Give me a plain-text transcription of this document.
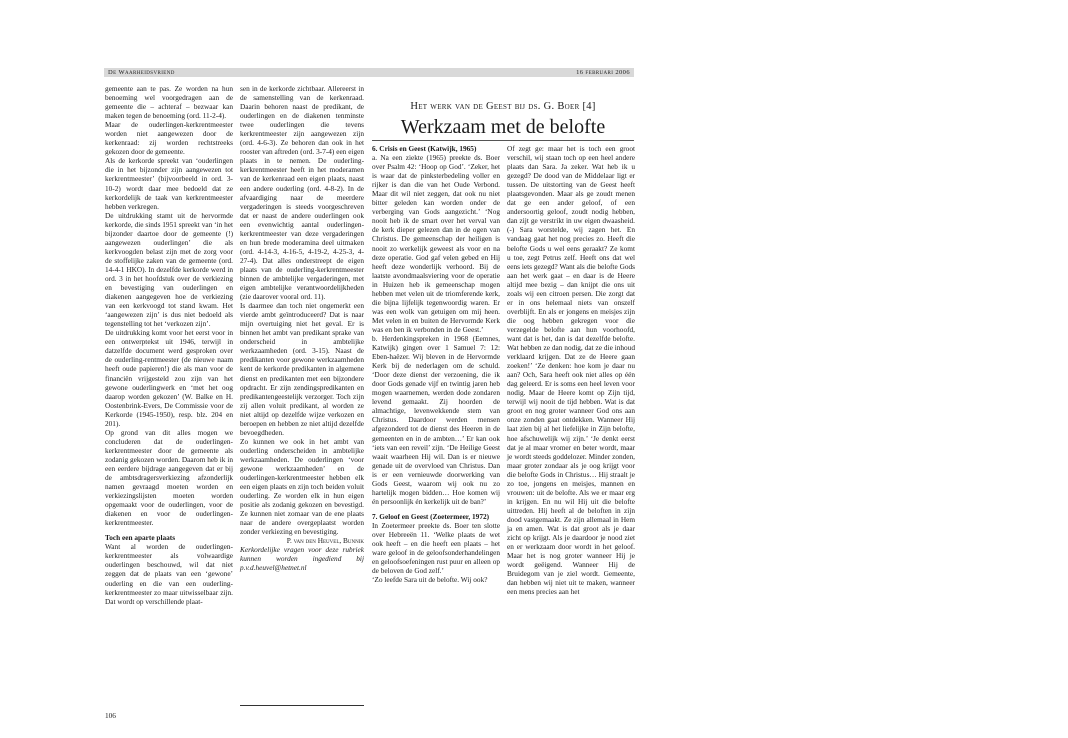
De Waarheidsvriend	16 februari 2006

gemeente aan te pas. Ze worden na hun benoeming wel voorgedragen aan de gemeente die – achteraf – bezwaar kan maken tegen de benoeming (ord. 11-2-4).

Maar de ouderlingen-kerkrentmeester worden niet aangewezen door de kerkenraad: zij worden rechtstreeks gekozen door de gemeente.

Als de kerkorde spreekt van ‘ouderlingen die in het bijzonder zijn aangewezen tot kerkrentmeester’ (bijvoorbeeld in ord. 3-10-2) wordt daar mee bedoeld dat ze kerkordelijk de taak van kerkrentmeester hebben verkregen.

De uitdrukking stamt uit de hervormde kerkorde, die sinds 1951 spreekt van ‘in het bijzonder daartoe door de gemeente (!) aangewezen ouderlingen’ die als kerkvoogden belast zijn met de zorg voor de stoffelijke zaken van de gemeente (ord. 14-4-1 HKO). In dezelfde kerkorde werd in ord. 3 in het hoofdstuk over de verkiezing en bevestiging van ouderlingen en diakenen aangegeven hoe de verkiezing van een kerkvoogd tot stand kwam. Het ‘aangewezen zijn’ is dus niet bedoeld als tegenstelling tot het ‘verkozen zijn’.

De uitdrukking komt voor het eerst voor in een ontwerptekst uit 1946, terwijl in datzelfde document werd gesproken over de ouderling-rentmeester (de nieuwe naam heeft oude papieren!) die als man voor de financiën vrijgesteld zou zijn van het gewone ouderlingwerk en ‘met het oog daarop worden gekozen’ (W. Balke en H. Oostenbrink-Evers, De Commissie voor de Kerkorde (1945-1950), resp. blz. 204 en 201).

Op grond van dit alles mogen we concluderen dat de ouderlingen-kerkrentmeester door de gemeente als zodanig gekozen worden. Daarom heb ik in een eerdere bijdrage aangegeven dat er bij de ambtsdragersverkiezing afzonderlijk namen gevraagd moeten worden en verkiezingslijsten moeten worden opgemaakt voor de ouderlingen, voor de diakenen en voor de ouderlingen-kerkrentmeester.

Toch een aparte plaats

Want al worden de ouderlingen-kerkrentmeester als volwaardige ouderlingen beschouwd, wil dat niet zeggen dat de plaats van een ‘gewone’ ouderling en die van een ouderling-kerkrentmeester zo maar uitwisselbaar zijn. Dat wordt op verschillende plaat-

sen in de kerkorde zichtbaar. Allereerst in de samenstelling van de kerkenraad. Daarin behoren naast de predikant, de ouderlingen en de diakenen tenminste twee ouderlingen die tevens kerkrentmeester zijn aangewezen zijn (ord. 4-6-3). Ze behoren dan ook in het rooster van aftreden (ord. 3-7-4) een eigen plaats in te nemen. De ouderling-kerkrentmeester heeft in het moderamen van de kerkenraad een eigen plaats, naast een andere ouderling (ord. 4-8-2). In de afvaardiging naar de meerdere vergaderingen is steeds voorgeschreven dat er naast de andere ouderlingen ook een evenwichtig aantal ouderlingen-kerkrentmeester van deze vergaderingen en hun brede moderamina deel uitmaken (ord. 4-14-3, 4-16-5, 4-19-2, 4-25-3, 4-27-4). Dat alles onderstreept de eigen plaats van de ouderling-kerkrentmeester binnen de ambtelijke vergaderingen, met eigen ambtelijke verantwoordelijkheden (zie daarover vooral ord. 11).

Is daarmee dan toch niet ongemerkt een vierde ambt geïntroduceerd? Dat is naar mijn overtuiging niet het geval. Er is binnen het ambt van predikant sprake van onderscheid in ambtelijke werkzaamheden (ord. 3-15). Naast de predikanten voor gewone werkzaamheden kent de kerkorde predikanten in algemene dienst en predikanten met een bijzondere opdracht. Er zijn zendingspredikanten en predikantengeestelijk verzorger. Toch zijn zij allen voluit predikant, al worden ze niet altijd op dezelfde wijze verkozen en beroepen en hebben ze niet altijd dezelfde bevoegdheden.

Zo kunnen we ook in het ambt van ouderling onderscheiden in ambtelijke werkzaamheden. De ouderlingen ‘voor gewone werkzaamheden’ en de ouderlingen-kerkrentmeester hebben elk een eigen plaats en zijn toch beiden voluit ouderling. Ze worden elk in hun eigen positie als zodanig gekozen en bevestigd. Ze kunnen niet zomaar van de ene plaats naar de andere overgeplaatst worden zonder verkiezing en bevestiging.

P. van den Heuvel, Bunnik

Kerkordelijke vragen voor deze rubriek kunnen worden ingediend bij p.v.d.heuvel@hetnet.nl

Het werk van de Geest bij ds. G. Boer [4]
Werkzaam met de belofte

6. Crisis en Geest (Katwijk, 1965)

a. Na een ziekte (1965) preekte ds. Boer over Psalm 42: ‘Hoop op God’. ‘Zeker, het is waar dat de pinksterbedeling voller en rijker is dan die van het Oude Verbond. Maar dit wil niet zeggen, dat ook nu niet bitter geleden kan worden onder de verberging van Gods aangezicht.’ ‘Nog nooit heb ik de smart over het verval van de kerk dieper gelezen dan in de ogen van Christus. De gemeenschap der heiligen is nooit zo werkelijk geweest als voor en na deze operatie. God gaf velen gebed en Hij heeft deze wonderlijk verhoord. Bij de laatste avondmaalsviering voor de operatie in Huizen heb ik gemeenschap mogen hebben met velen uit de triomferende kerk, die bijna lijfelijk tegenwoordig waren. Er was een wolk van getuigen om mij heen. Met velen in en buiten de Hervormde Kerk was en ben ik verbonden in de Geest.’

b. Herdenkingspreken in 1968 (Eemnes, Katwijk) gingen over 1 Samuel 7: 12: Eben-haëzer. Wij bleven in de Hervormde Kerk bij de nederlagen om de schuld. ‘Door deze dienst der verzoening, die ik door Gods genade vijf en twintig jaren heb mogen waarnemen, werden dode zondaren levend gemaakt. Zij hoorden de almachtige, levenwekkende stem van Christus. Daardoor werden mensen afgezonderd tot de dienst des Heeren in de gemeenten en in de ambten…’ Er kan ook ‘iets van een reveil’ zijn. ‘De Heilige Geest waait waarheen Hij wil. Dan is er nieuwe genade uit de overvloed van Christus. Dan is er een vernieuwde doorwerking van Gods Geest, waarom wij ook nu zo hartelijk mogen bidden… Hoe komen wij én persoonlijk én kerkelijk uit de ban?’

7. Geloof en Geest (Zoetermeer, 1972)

In Zoetermeer preekte ds. Boer ten slotte over Hebreeën 11. ‘Welke plaats de wet ook heeft – en die heeft een plaats – het ware geloof in de geloofsonderhandelingen en geloofsoefeningen rust puur en alleen op de beloven de God zelf.’

‘Zo leefde Sara uit de belofte. Wij ook?

Of zegt ge: maar het is toch een groot verschil, wij staan toch op een heel andere plaats dan Sara. Ja zeker. Wat heb ik u gezegd? De dood van de Middelaar ligt er tussen. De uitstorting van de Geest heeft plaatsgevonden. Maar als ge zoudt menen dat ge een ander geloof, of een andersoortig geloof, zoudt nodig hebben, dan zijt ge verstrikt in uw eigen dwaasheid. (-) Sara worstelde, wij zagen het. En vandaag gaat het nog precies zo. Heeft die belofte Gods u wel eens geraakt? Ze komt u toe, zegt Petrus zelf. Heeft ons dat wel eens iets gezegd? Want als die belofte Gods aan het werk gaat – en daar is de Heere altijd mee bezig – dan knijpt die ons uit zoals wij een citroen persen. Die zorgt dat er in ons helemaal niets van onszelf overblijft. En als er jongens en meisjes zijn die oog hebben gekregen voor die verzegelde belofte aan hun voorhoofd, want dat is het, dan is dat dezelfde belofte. Wat hebben ze dan nodig, dat ze die inhoud verklaard krijgen. Dat ze de Heere gaan zoeken!’ ‘Ze denken: hoe kom je daar nu aan? Och, Sara heeft ook niet alles op één dag geleerd. Er is soms een heel leven voor nodig. Maar de Heere komt op Zijn tijd, terwijl wij nooit de tijd hebben. Wat is dat groot en nog groter wanneer God ons aan onze zonden gaat ontdekken. Wanneer Hij laat zien bij al het liefelijke in Zijn belofte, hoe afschuwelijk wij zijn.’ ‘Je denkt eerst dat je al maar vromer en beter wordt, maar je wordt steeds goddelozer. Minder zonden, maar groter zondaar als je oog krijgt voor die belofte Gods in Christus… Hij straalt je zo toe, jongens en meisjes, mannen en vrouwen: uit de belofte. Als we er maar erg in krijgen. En nu wil Hij uit die belofte uittreden. Hij heeft al de beloften in zijn dood vastgemaakt. Ze zijn allemaal in Hem ja en amen. Wat is dat groot als je daar zicht op krijgt. Als je daardoor je nood ziet en er werkzaam door wordt in het geloof. Maar het is nog groter wanneer Hij je wordt geëigend. Wanneer Hij de Bruidegom van je ziel wordt. Gemeente, dan hebben wij niet uit te maken, wanneer een mens precies aan het

106
